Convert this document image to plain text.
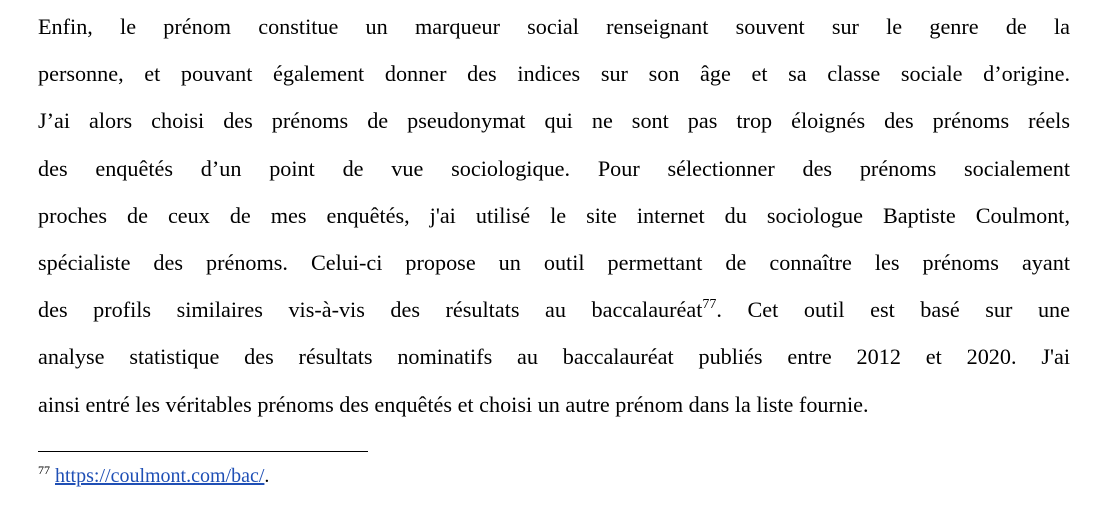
Enfin, le prénom constitue un marqueur social renseignant souvent sur le genre de la
personne, et pouvant également donner des indices sur son âge et sa classe sociale d’origine.
J’ai alors choisi des prénoms de pseudonymat qui ne sont pas trop éloignés des prénoms réels
des enquêtés d’un point de vue sociologique. Pour sélectionner des prénoms socialement
proches de ceux de mes enquêtés, j'ai utilisé le site internet du sociologue Baptiste Coulmont,
spécialiste des prénoms. Celui-ci propose un outil permettant de connaître les prénoms ayant
des profils similaires vis-à-vis des résultats au baccalauréat$^{77}$. Cet outil est basé sur une
analyse statistique des résultats nominatifs au baccalauréat publiés entre 2012 et 2020. J'ai
ainsi entré les véritables prénoms des enquêtés et choisi un autre prénom dans la liste fournie.

$^{77}$ https://coulmont.com/bac/.
